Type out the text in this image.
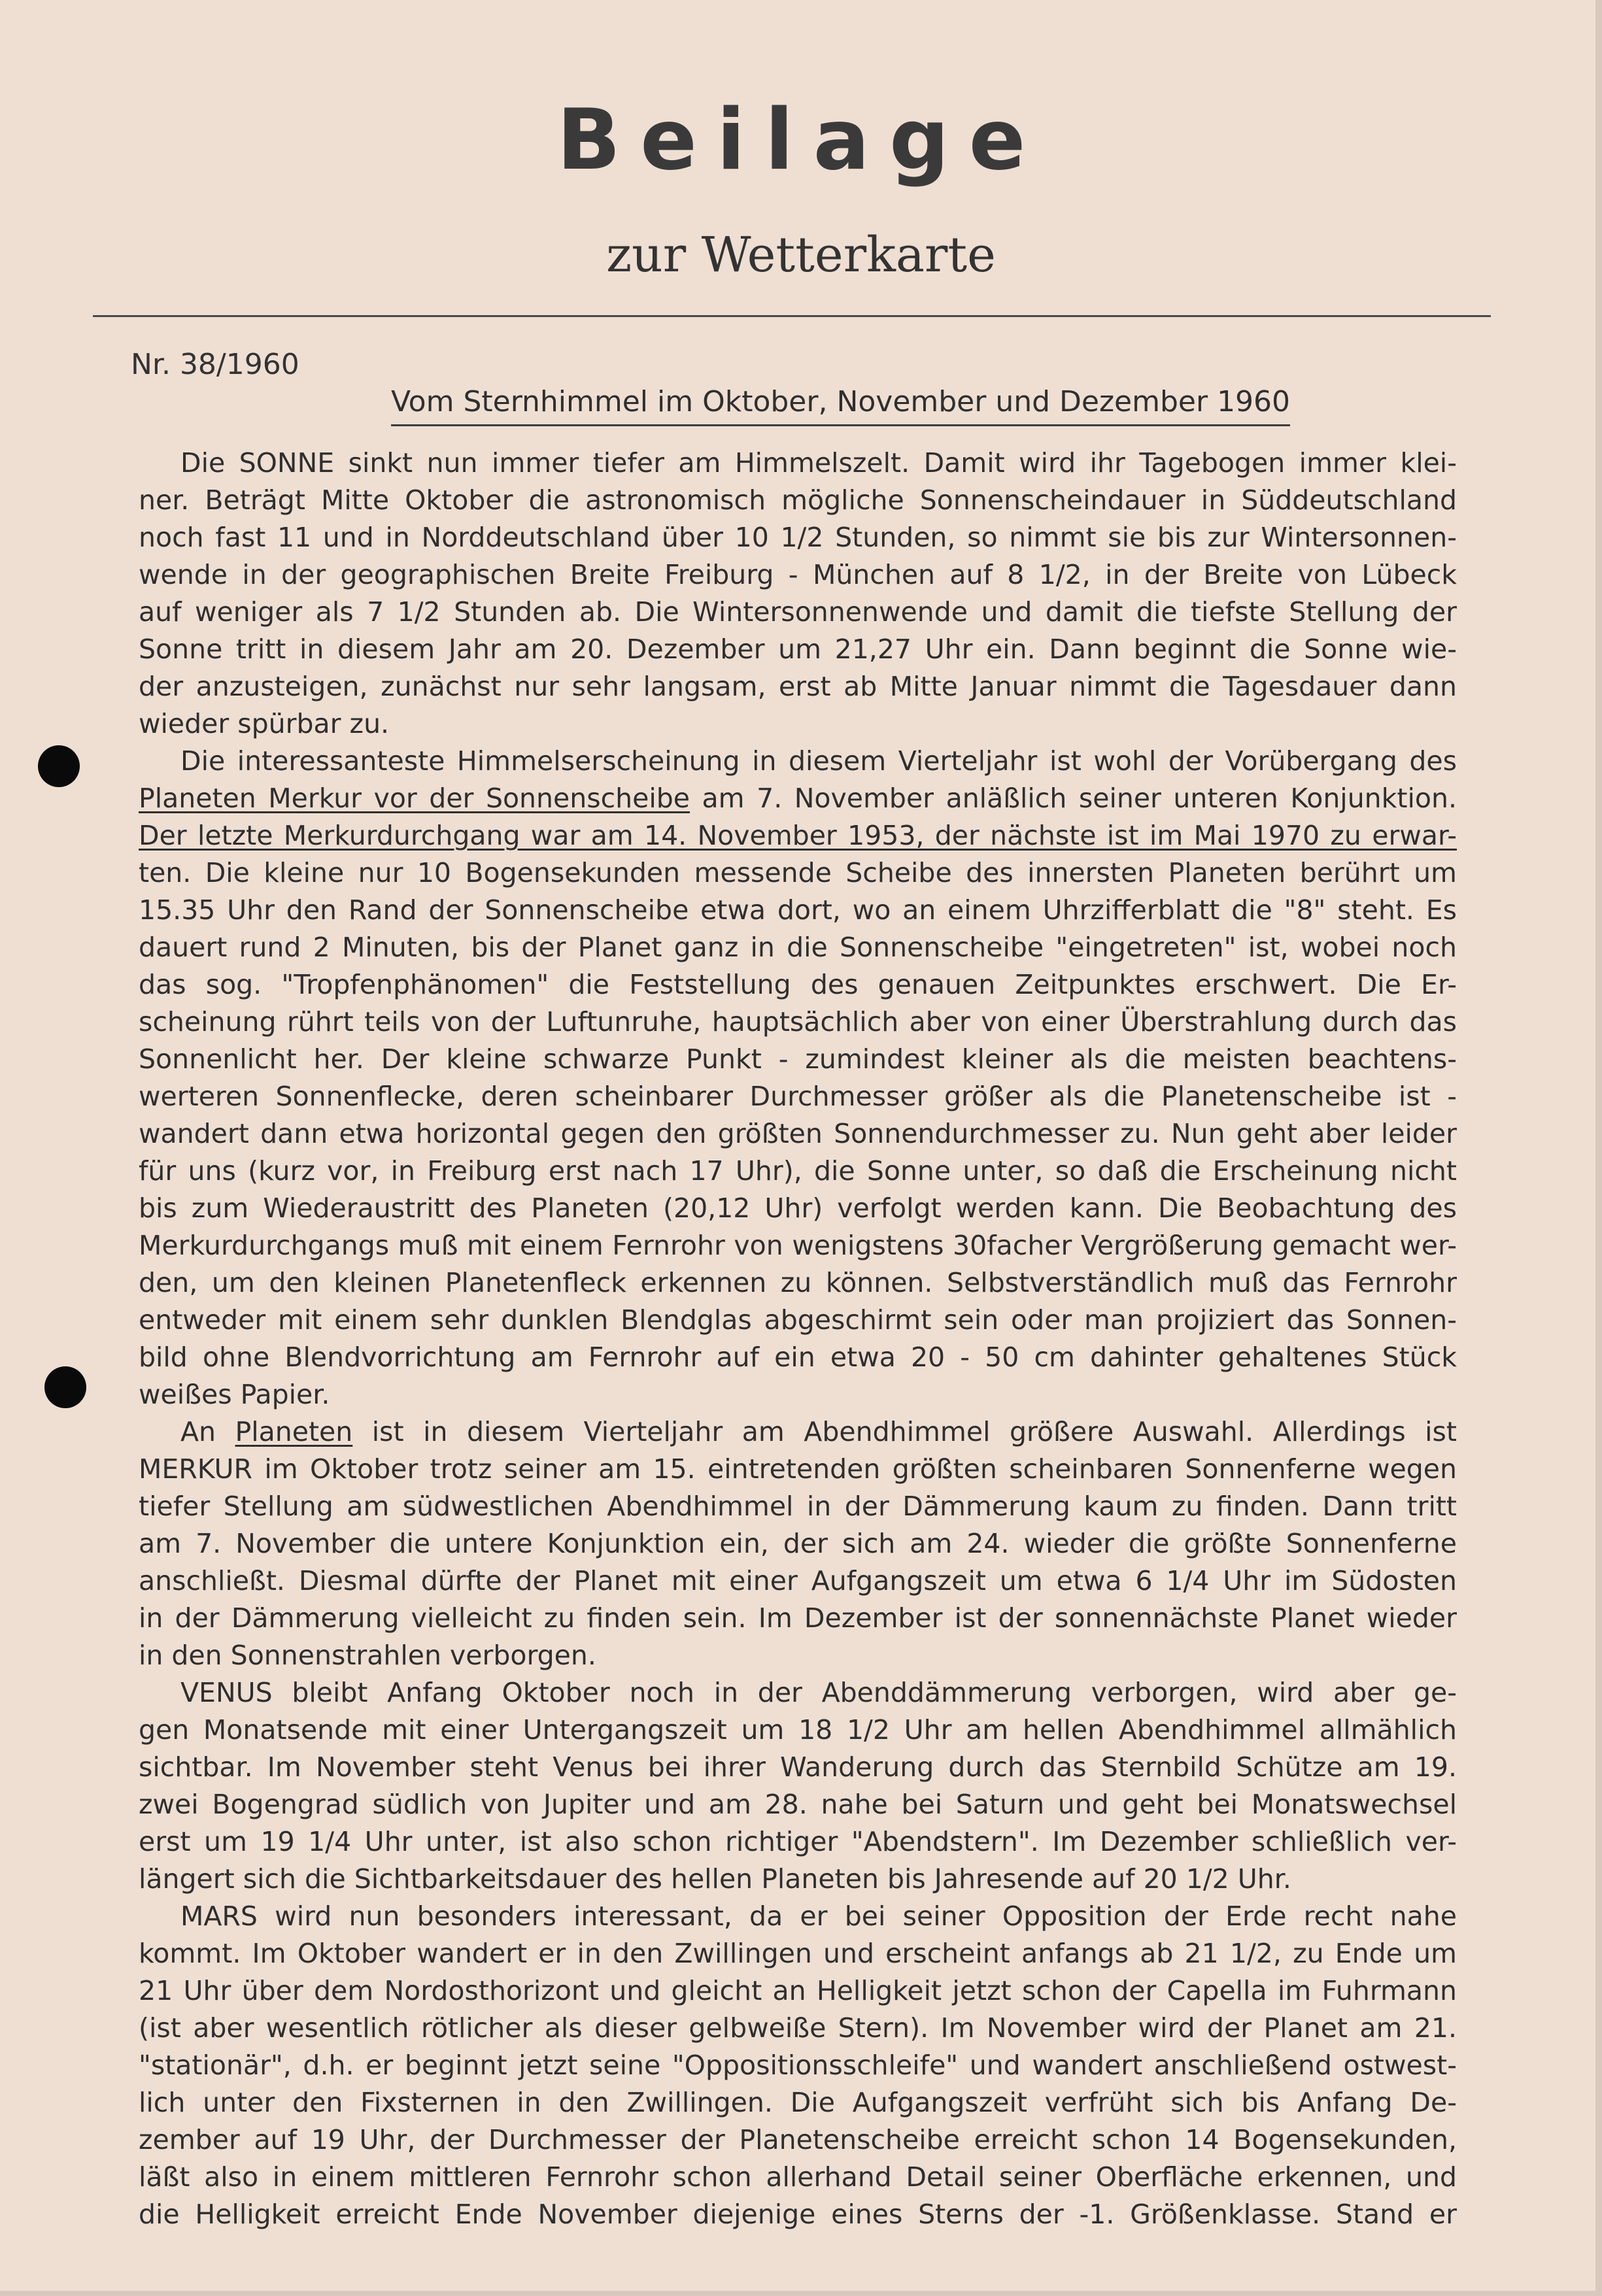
Beilage
zur Wetterkarte
Nr. 38/1960
Vom Sternhimmel im Oktober, November und Dezember 1960
Die SONNE sinkt nun immer tiefer am Himmelszelt. Damit wird ihr Tagebogen immer klei-
ner. Beträgt Mitte Oktober die astronomisch mögliche Sonnenscheindauer in Süddeutschland
noch fast 11 und in Norddeutschland über 10 1/2 Stunden, so nimmt sie bis zur Wintersonnen-
wende in der geographischen Breite Freiburg - München auf 8 1/2, in der Breite von Lübeck
auf weniger als 7 1/2 Stunden ab. Die Wintersonnenwende und damit die tiefste Stellung der
Sonne tritt in diesem Jahr am 20. Dezember um 21,27 Uhr ein. Dann beginnt die Sonne wie-
der anzusteigen, zunächst nur sehr langsam, erst ab Mitte Januar nimmt die Tagesdauer dann
wieder spürbar zu.
Die interessanteste Himmelserscheinung in diesem Vierteljahr ist wohl der Vorübergang des
Planeten Merkur vor der Sonnenscheibe am 7. November anläßlich seiner unteren Konjunktion.
Der letzte Merkurdurchgang war am 14. November 1953, der nächste ist im Mai 1970 zu erwar-
ten. Die kleine nur 10 Bogensekunden messende Scheibe des innersten Planeten berührt um
15.35 Uhr den Rand der Sonnenscheibe etwa dort, wo an einem Uhrzifferblatt die "8" steht. Es
dauert rund 2 Minuten, bis der Planet ganz in die Sonnenscheibe "eingetreten" ist, wobei noch
das sog. "Tropfenphänomen" die Feststellung des genauen Zeitpunktes erschwert. Die Er-
scheinung rührt teils von der Luftunruhe, hauptsächlich aber von einer Überstrahlung durch das
Sonnenlicht her. Der kleine schwarze Punkt - zumindest kleiner als die meisten beachtens-
werteren Sonnenflecke, deren scheinbarer Durchmesser größer als die Planetenscheibe ist -
wandert dann etwa horizontal gegen den größten Sonnendurchmesser zu. Nun geht aber leider
für uns (kurz vor, in Freiburg erst nach 17 Uhr), die Sonne unter, so daß die Erscheinung nicht
bis zum Wiederaustritt des Planeten (20,12 Uhr) verfolgt werden kann. Die Beobachtung des
Merkurdurchgangs muß mit einem Fernrohr von wenigstens 30facher Vergrößerung gemacht wer-
den, um den kleinen Planetenfleck erkennen zu können. Selbstverständlich muß das Fernrohr
entweder mit einem sehr dunklen Blendglas abgeschirmt sein oder man projiziert das Sonnen-
bild ohne Blendvorrichtung am Fernrohr auf ein etwa 20 - 50 cm dahinter gehaltenes Stück
weißes Papier.
An Planeten ist in diesem Vierteljahr am Abendhimmel größere Auswahl. Allerdings ist
MERKUR im Oktober trotz seiner am 15. eintretenden größten scheinbaren Sonnenferne wegen
tiefer Stellung am südwestlichen Abendhimmel in der Dämmerung kaum zu finden. Dann tritt
am 7. November die untere Konjunktion ein, der sich am 24. wieder die größte Sonnenferne
anschließt. Diesmal dürfte der Planet mit einer Aufgangszeit um etwa 6 1/4 Uhr im Südosten
in der Dämmerung vielleicht zu finden sein. Im Dezember ist der sonnennächste Planet wieder
in den Sonnenstrahlen verborgen.
VENUS bleibt Anfang Oktober noch in der Abenddämmerung verborgen, wird aber ge-
gen Monatsende mit einer Untergangszeit um 18 1/2 Uhr am hellen Abendhimmel allmählich
sichtbar. Im November steht Venus bei ihrer Wanderung durch das Sternbild Schütze am 19.
zwei Bogengrad südlich von Jupiter und am 28. nahe bei Saturn und geht bei Monatswechsel
erst um 19 1/4 Uhr unter, ist also schon richtiger "Abendstern". Im Dezember schließlich ver-
längert sich die Sichtbarkeitsdauer des hellen Planeten bis Jahresende auf 20 1/2 Uhr.
MARS wird nun besonders interessant, da er bei seiner Opposition der Erde recht nahe
kommt. Im Oktober wandert er in den Zwillingen und erscheint anfangs ab 21 1/2, zu Ende um
21 Uhr über dem Nordosthorizont und gleicht an Helligkeit jetzt schon der Capella im Fuhrmann
(ist aber wesentlich rötlicher als dieser gelbweiße Stern). Im November wird der Planet am 21.
"stationär", d.h. er beginnt jetzt seine "Oppositionsschleife" und wandert anschließend ostwest-
lich unter den Fixsternen in den Zwillingen. Die Aufgangszeit verfrüht sich bis Anfang De-
zember auf 19 Uhr, der Durchmesser der Planetenscheibe erreicht schon 14 Bogensekunden,
läßt also in einem mittleren Fernrohr schon allerhand Detail seiner Oberfläche erkennen, und
die Helligkeit erreicht Ende November diejenige eines Sterns der -1. Größenklasse. Stand er
